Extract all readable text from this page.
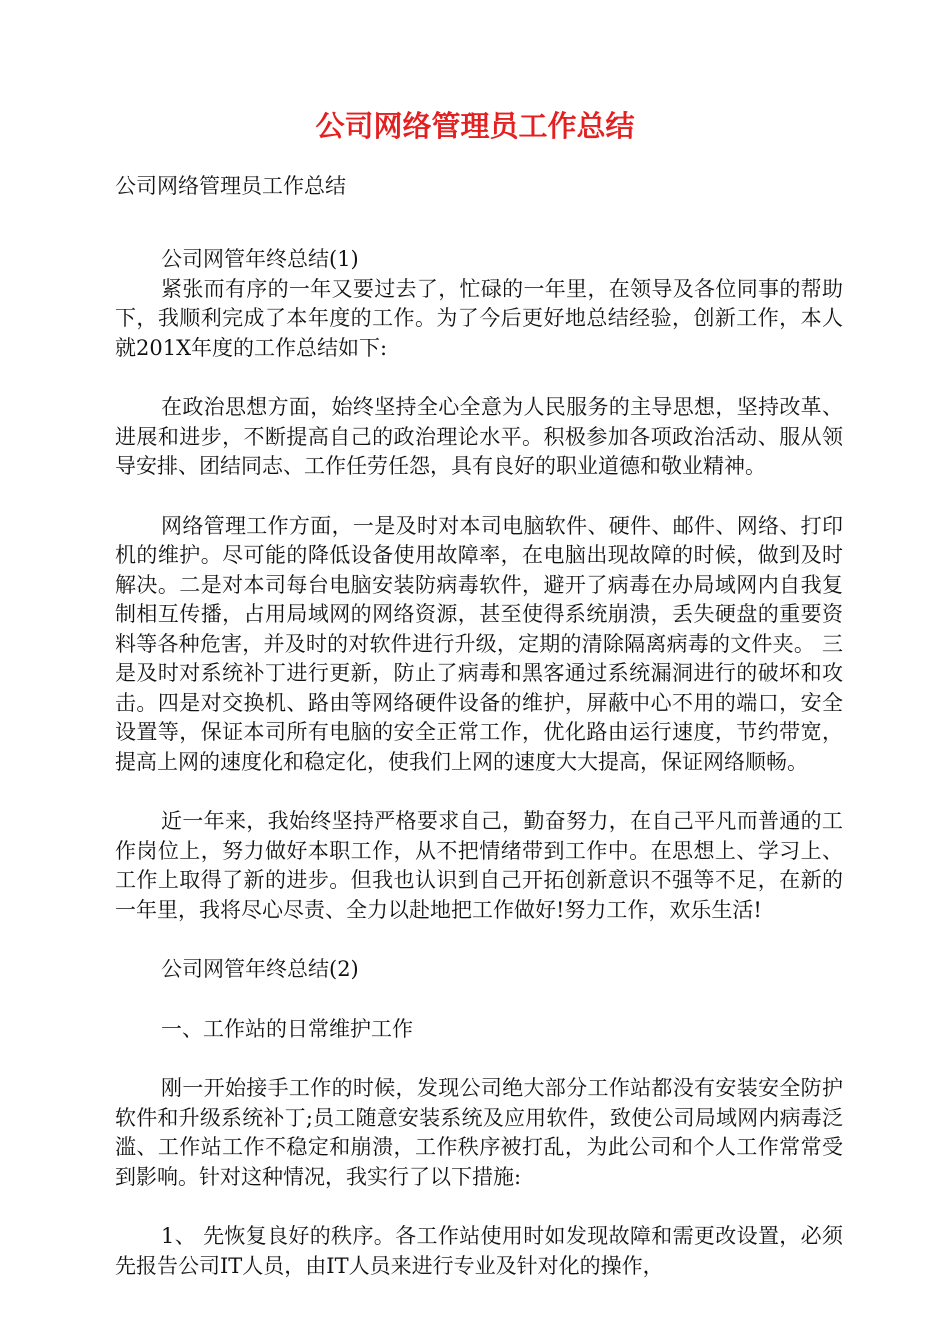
公司网络管理员工作总结

公司网络管理员工作总结

公司网管年终总结(1)

紧张而有序的一年又要过去了，忙碌的一年里，在领导及各位同事的帮助下，我顺利完成了本年度的工作。为了今后更好地总结经验，创新工作，本人就201X年度的工作总结如下:

在政治思想方面，始终坚持全心全意为人民服务的主导思想，坚持改革、进展和进步，不断提高自己的政治理论水平。积极参加各项政治活动、服从领导安排、团结同志、工作任劳任怨，具有良好的职业道德和敬业精神。

网络管理工作方面，一是及时对本司电脑软件、硬件、邮件、网络、打印机的维护。尽可能的降低设备使用故障率，在电脑出现故障的时候，做到及时解决。二是对本司每台电脑安装防病毒软件，避开了病毒在办局域网内自我复制相互传播，占用局域网的网络资源，甚至使得系统崩溃，丢失硬盘的重要资料等各种危害，并及时的对软件进行升级，定期的清除隔离病毒的文件夹。 三是及时对系统补丁进行更新，防止了病毒和黑客通过系统漏洞进行的破坏和攻击。四是对交换机、路由等网络硬件设备的维护，屏蔽中心不用的端口，安全设置等，保证本司所有电脑的安全正常工作，优化路由运行速度，节约带宽，提高上网的速度化和稳定化，使我们上网的速度大大提高，保证网络顺畅。

近一年来，我始终坚持严格要求自己，勤奋努力，在自己平凡而普通的工作岗位上，努力做好本职工作，从不把情绪带到工作中。在思想上、学习上、工作上取得了新的进步。但我也认识到自己开拓创新意识不强等不足，在新的一年里，我将尽心尽责、全力以赴地把工作做好!努力工作，欢乐生活!

公司网管年终总结(2)

一、工作站的日常维护工作

刚一开始接手工作的时候，发现公司绝大部分工作站都没有安装安全防护软件和升级系统补丁;员工随意安装系统及应用软件，致使公司局域网内病毒泛滥、工作站工作不稳定和崩溃，工作秩序被打乱，为此公司和个人工作常常受到影响。针对这种情况，我实行了以下措施:

1、 先恢复良好的秩序。各工作站使用时如发现故障和需更改设置，必须先报告公司IT人员，由IT人员来进行专业及针对化的操作，
